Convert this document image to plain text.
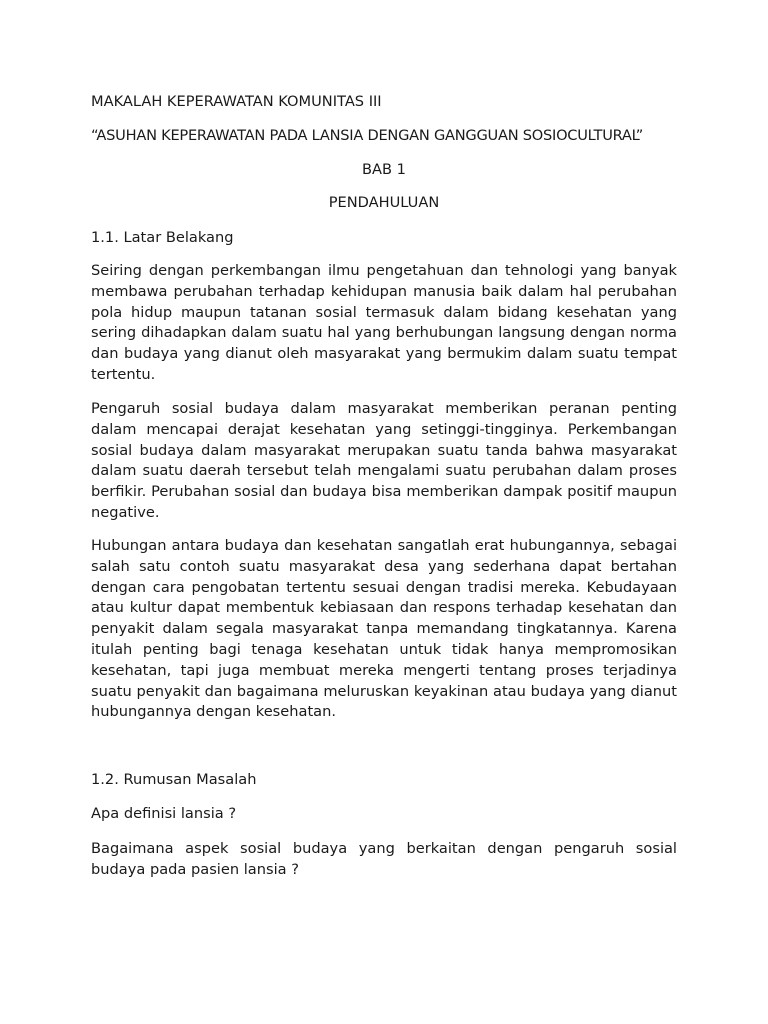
MAKALAH KEPERAWATAN KOMUNITAS III

“ASUHAN KEPERAWATAN PADA LANSIA DENGAN GANGGUAN SOSIOCULTURAL”

BAB 1

PENDAHULUAN

1.1. Latar Belakang

Seiring dengan perkembangan ilmu pengetahuan dan tehnologi yang banyak membawa perubahan terhadap kehidupan manusia baik dalam hal perubahan pola hidup maupun tatanan sosial termasuk dalam bidang kesehatan yang sering dihadapkan dalam suatu hal yang berhubungan langsung dengan norma dan budaya yang dianut oleh masyarakat yang bermukim dalam suatu tempat tertentu.

Pengaruh sosial budaya dalam masyarakat memberikan peranan penting dalam mencapai derajat kesehatan yang setinggi-tingginya. Perkembangan sosial budaya dalam masyarakat merupakan suatu tanda bahwa masyarakat dalam suatu daerah tersebut telah mengalami suatu perubahan dalam proses berfikir. Perubahan sosial dan budaya bisa memberikan dampak positif maupun negative.

Hubungan antara budaya dan kesehatan sangatlah erat hubungannya, sebagai salah satu contoh suatu masyarakat desa yang sederhana dapat bertahan dengan cara pengobatan tertentu sesuai dengan tradisi mereka. Kebudayaan atau kultur dapat membentuk kebiasaan dan respons terhadap kesehatan dan penyakit dalam segala masyarakat tanpa memandang tingkatannya. Karena itulah penting bagi tenaga kesehatan untuk tidak hanya mempromosikan kesehatan, tapi juga membuat mereka mengerti tentang proses terjadinya suatu penyakit dan bagaimana meluruskan keyakinan atau budaya yang dianut hubungannya dengan kesehatan.

1.2. Rumusan Masalah

Apa definisi lansia ?

Bagaimana aspek sosial budaya yang berkaitan dengan pengaruh sosial budaya pada pasien lansia ?
